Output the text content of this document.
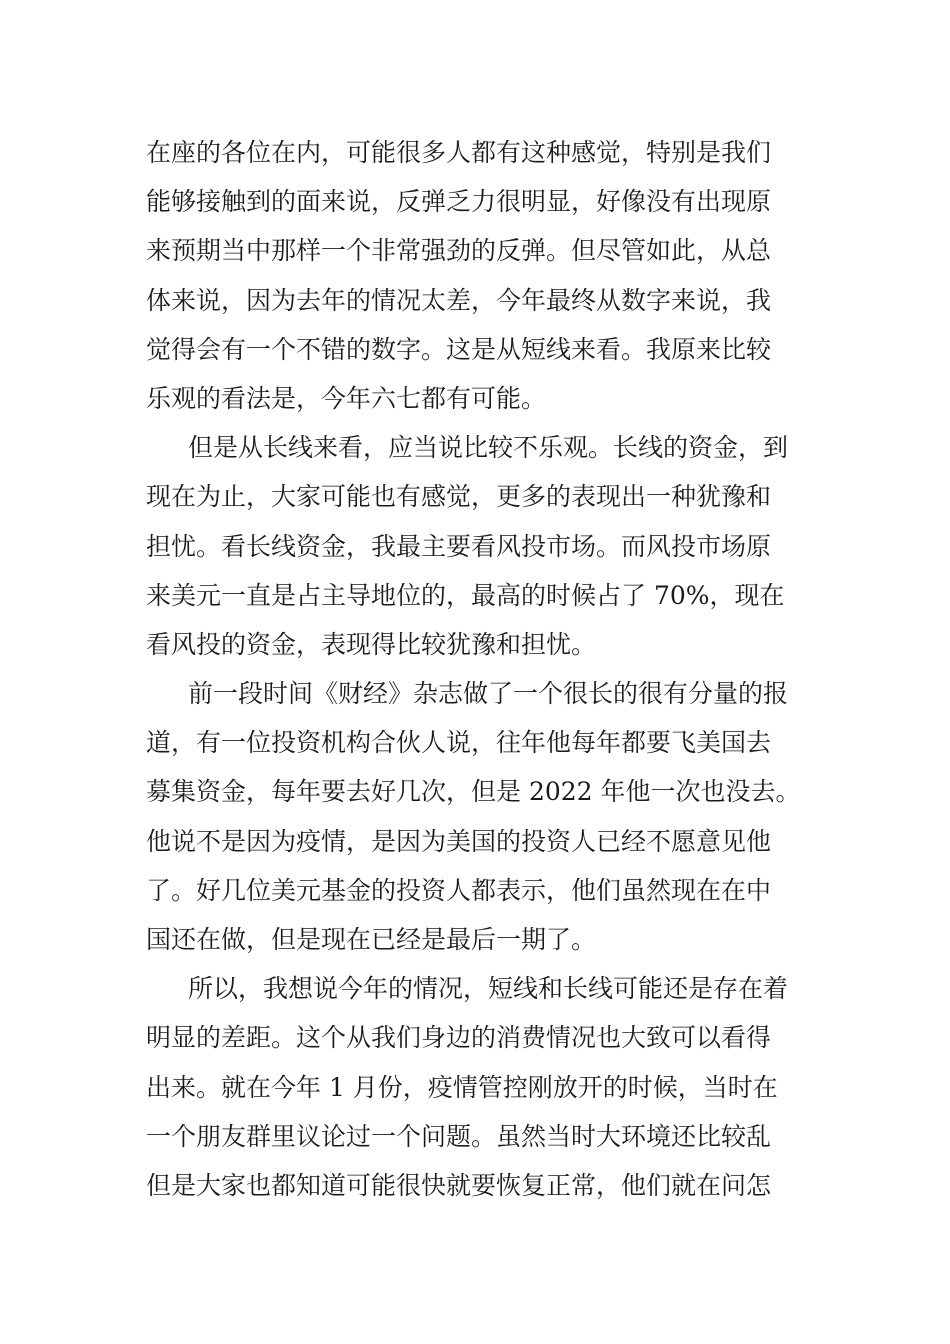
在座的各位在内，可能很多人都有这种感觉，特别是我们
能够接触到的面来说，反弹乏力很明显，好像没有出现原
来预期当中那样一个非常强劲的反弹。但尽管如此，从总
体来说，因为去年的情况太差，今年最终从数字来说，我
觉得会有一个不错的数字。这是从短线来看。我原来比较
乐观的看法是，今年六七都有可能。
但是从长线来看，应当说比较不乐观。长线的资金，到
现在为止，大家可能也有感觉，更多的表现出一种犹豫和
担忧。看长线资金，我最主要看风投市场。而风投市场原
来美元一直是占主导地位的，最高的时候占了 70%，现在
看风投的资金，表现得比较犹豫和担忧。
前一段时间《财经》杂志做了一个很长的很有分量的报
道，有一位投资机构合伙人说，往年他每年都要飞美国去
募集资金，每年要去好几次，但是 2022 年他一次也没去。
他说不是因为疫情，是因为美国的投资人已经不愿意见他
了。好几位美元基金的投资人都表示，他们虽然现在在中
国还在做，但是现在已经是最后一期了。
所以，我想说今年的情况，短线和长线可能还是存在着
明显的差距。这个从我们身边的消费情况也大致可以看得
出来。就在今年 1 月份，疫情管控刚放开的时候，当时在
一个朋友群里议论过一个问题。虽然当时大环境还比较乱
但是大家也都知道可能很快就要恢复正常，他们就在问怎
